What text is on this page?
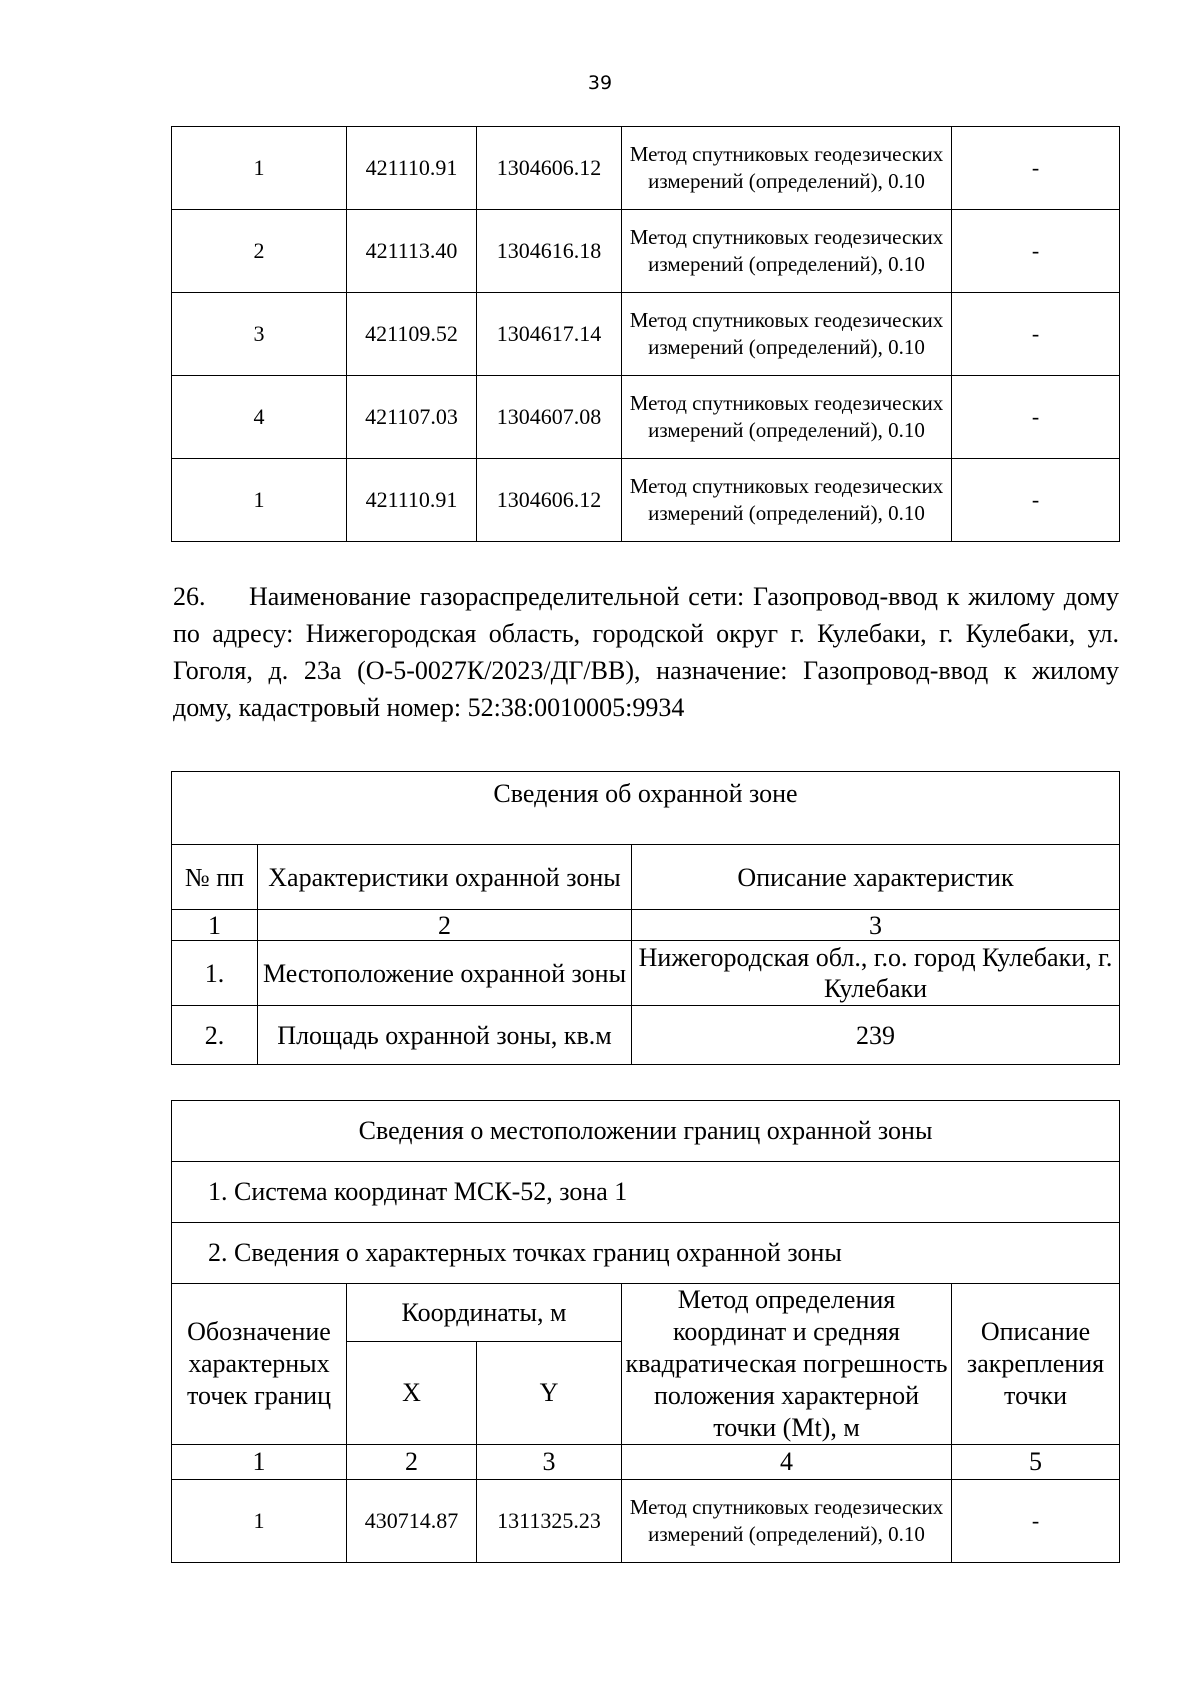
39
1	421110.91	1304606.12	Метод спутниковых геодезических измерений (определений), 0.10	-
2	421113.40	1304616.18	Метод спутниковых геодезических измерений (определений), 0.10	-
3	421109.52	1304617.14	Метод спутниковых геодезических измерений (определений), 0.10	-
4	421107.03	1304607.08	Метод спутниковых геодезических измерений (определений), 0.10	-
1	421110.91	1304606.12	Метод спутниковых геодезических измерений (определений), 0.10	-
26. Наименование газораспределительной сети: Газопровод-ввод к жилому дому по адресу: Нижегородская область, городской округ г. Кулебаки, г. Кулебаки, ул. Гоголя, д. 23а (О-5-0027К/2023/ДГ/ВВ), назначение: Газопровод-ввод к жилому дому, кадастровый номер: 52:38:0010005:9934
Сведения об охранной зоне		
№ пп	Характеристики охранной зоны	Описание характеристик
1	2	3
1.	Местоположение охранной зоны	Нижегородская обл., г.о. город Кулебаки, г. Кулебаки
2.	Площадь охранной зоны, кв.м	239
Сведения о местоположении границ охранной зоны				
1. Система координат МСК-52, зона 1				
2. Сведения о характерных точках границ охранной зоны				
Обозначение характерных точек границ	Координаты, м		Метод определения координат и средняя квадратическая погрешность положения характерной точки (Mt), м	Описание закрепления точки
	X	Y		
1	2	3	4	5
1	430714.87	1311325.23	Метод спутниковых геодезических измерений (определений), 0.10	-
